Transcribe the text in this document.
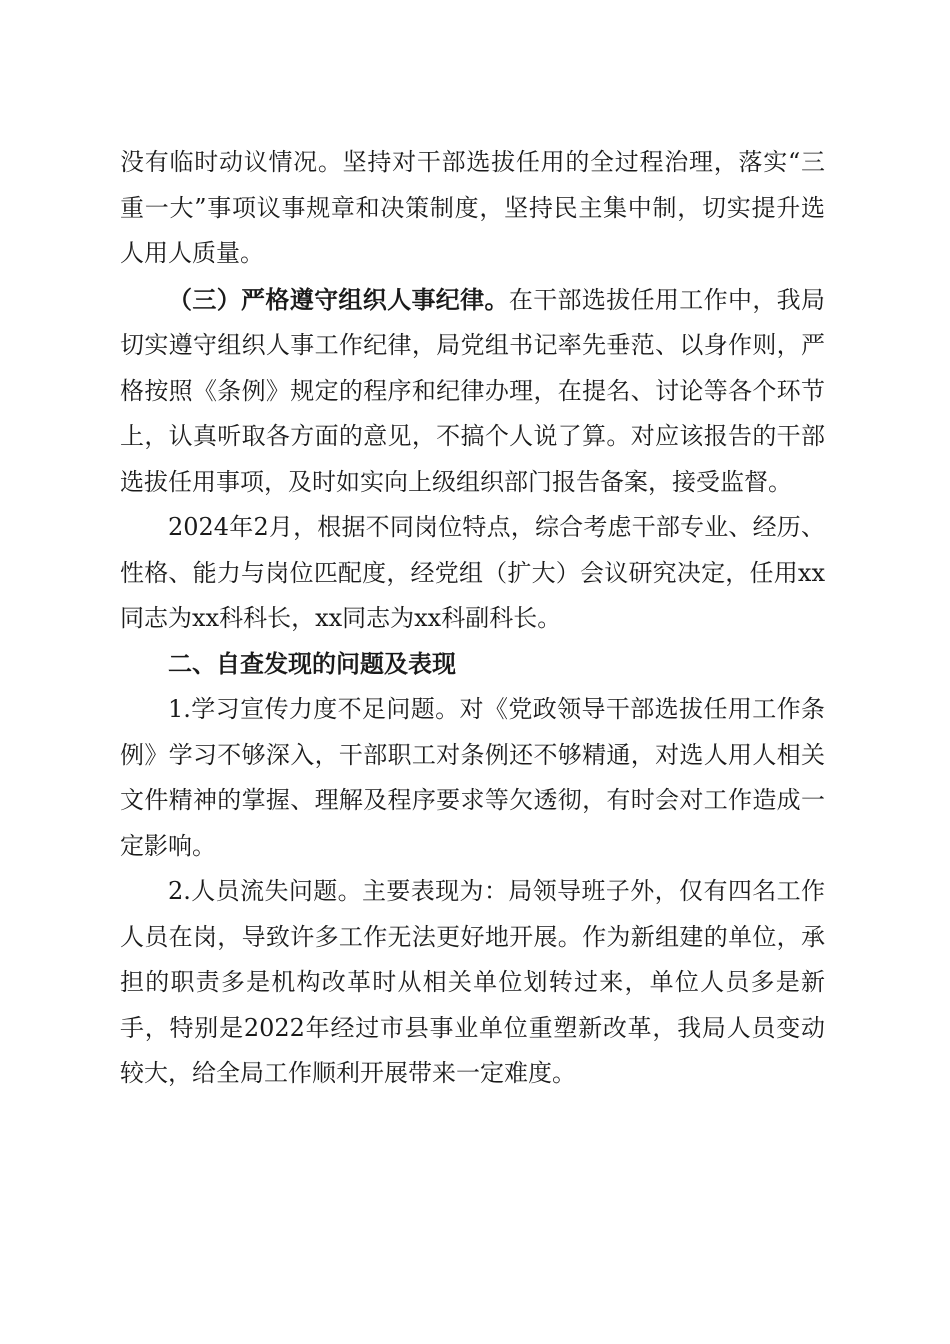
没有临时动议情况。坚持对干部选拔任用的全过程治理，落实“三重一大”事项议事规章和决策制度，坚持民主集中制，切实提升选人用人质量。

（三）严格遵守组织人事纪律。在干部选拔任用工作中，我局切实遵守组织人事工作纪律，局党组书记率先垂范、以身作则，严格按照《条例》规定的程序和纪律办理，在提名、讨论等各个环节上，认真听取各方面的意见，不搞个人说了算。对应该报告的干部选拔任用事项，及时如实向上级组织部门报告备案，接受监督。

2024年2月，根据不同岗位特点，综合考虑干部专业、经历、性格、能力与岗位匹配度，经党组（扩大）会议研究决定，任用xx同志为xx科科长，xx同志为xx科副科长。

二、自查发现的问题及表现

1.学习宣传力度不足问题。对《党政领导干部选拔任用工作条例》学习不够深入，干部职工对条例还不够精通，对选人用人相关文件精神的掌握、理解及程序要求等欠透彻，有时会对工作造成一定影响。

2.人员流失问题。主要表现为：局领导班子外，仅有四名工作人员在岗，导致许多工作无法更好地开展。作为新组建的单位，承担的职责多是机构改革时从相关单位划转过来，单位人员多是新手，特别是2022年经过市县事业单位重塑新改革，我局人员变动较大，给全局工作顺利开展带来一定难度。
